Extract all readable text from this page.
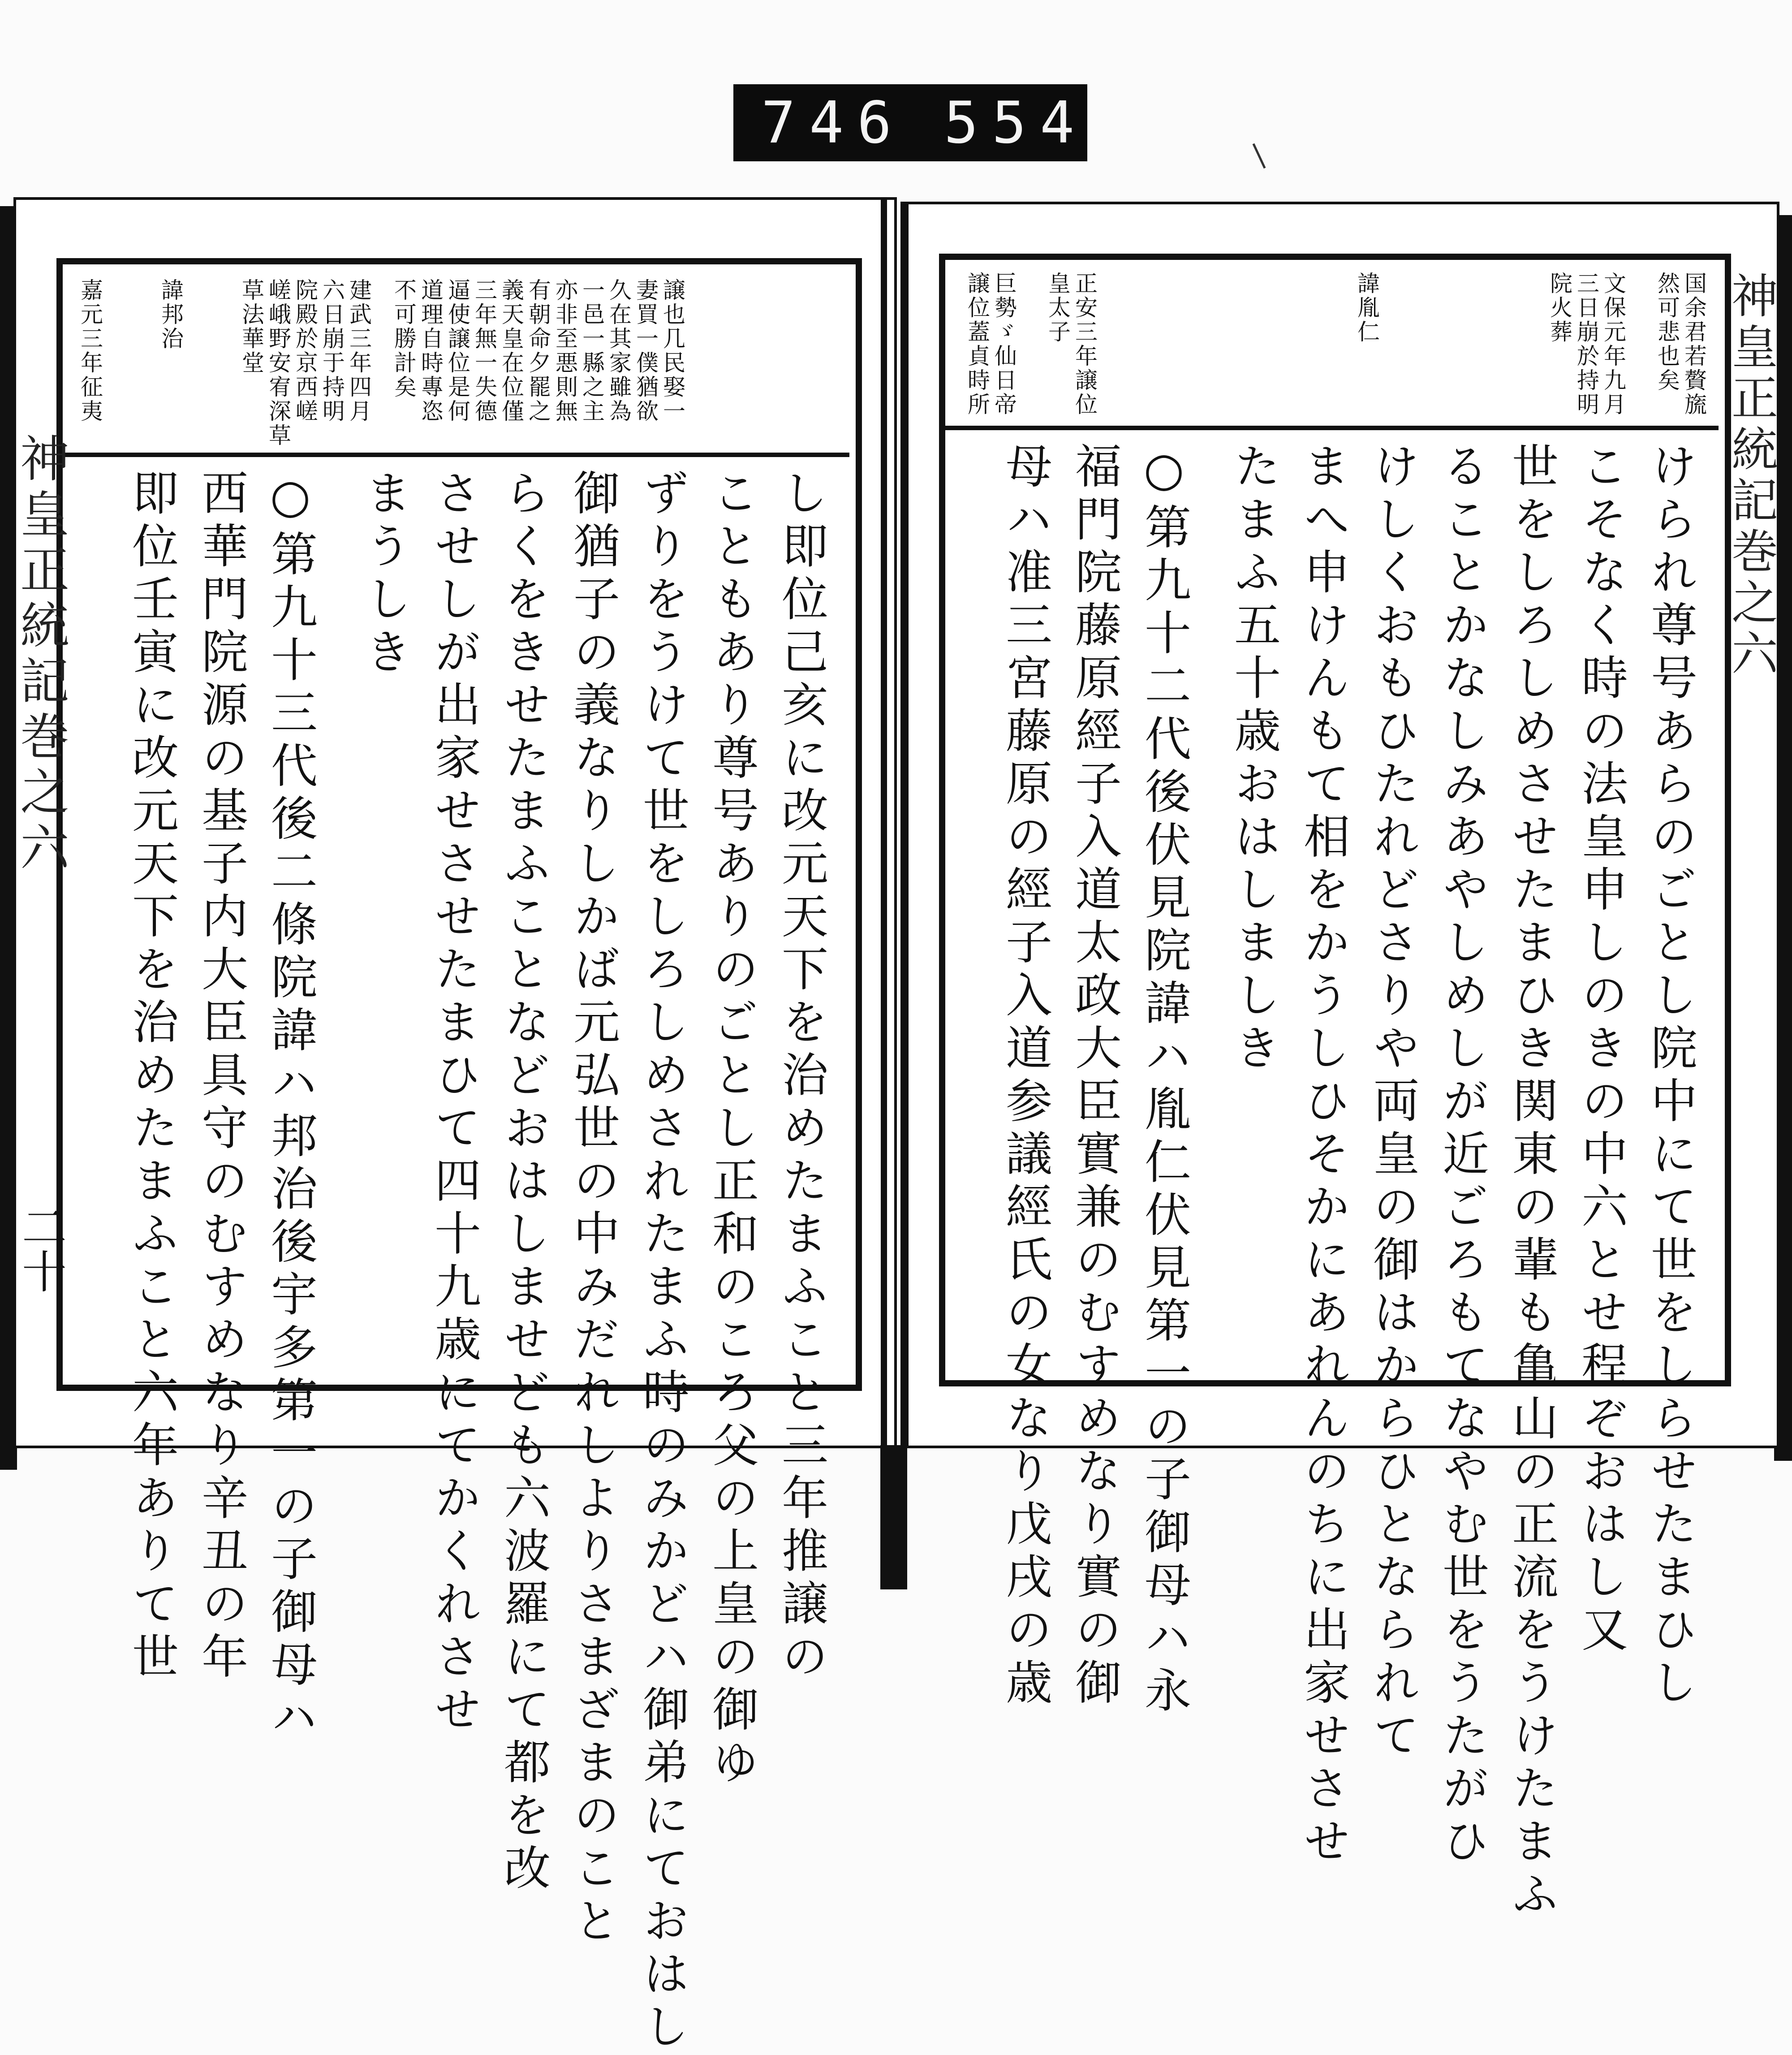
746 554
神皇正統記巻之六
二十
嘉元三年征夷 諱邦治 草法華堂 嵯峨野安宥深草 院殿於京西嵯 六日崩于持明 建武三年四月 不可勝計矣 道理自時專恣 逼使譲位是何 三年無一失德 義天皇在位僅 有朝命夕罷之 亦非至悪則無 一邑一縣之主 久在其家雖為 妻買一僕猶欲 譲也几民娶一
し即位己亥に改元天下を治めたまふこと三年推譲の
こともあり尊号ありのごとし正和のころ父の上皇の御ゆ
ずりをうけて世をしろしめされたまふ時のみかどハ御弟にておはし
御猶子の義なりしかば元弘世の中みだれしよりさまざまのこと
らくをきせたまふことなどおはしませども六波羅にて都を改
させしが出家せさせたまひて四十九歳にてかくれさせ
まうしき
○第九十三代後二條院諱ハ邦治後宇多第一の子御母ハ
西華門院源の基子内大臣具守のむすめなり辛丑の年
即位壬寅に改元天下を治めたまふこと六年ありて世	神皇正統記巻之六
国余君若贅旒
然可悲也矣
文保元年九月
三日崩於持明
院火葬
諱胤仁
正安三年譲位
皇太子
巨勢ゞ仙日帝
譲位蓋貞時所
けられ尊号あらのごとし院中にて世をしらせたまひし
こそなく時の法皇申しのきの中六とせ程ぞおはし又
世をしろしめさせたまひき関東の輩も亀山の正流をうけたまふ
ることかなしみあやしめしが近ごろもてなやむ世をうたがひ
けしくおもひたれどさりや両皇の御はからひとなられて
まへ申けんもて相をかうしひそかにあれんのちに出家せさせ
たまふ五十歳おはしましき
○第九十二代後伏見院諱ハ胤仁伏見第一の子御母ハ永
福門院藤原經子入道太政大臣實兼のむすめなり實の御
母ハ准三宮藤原の經子入道参議經氏の女なり戊戌の歳
